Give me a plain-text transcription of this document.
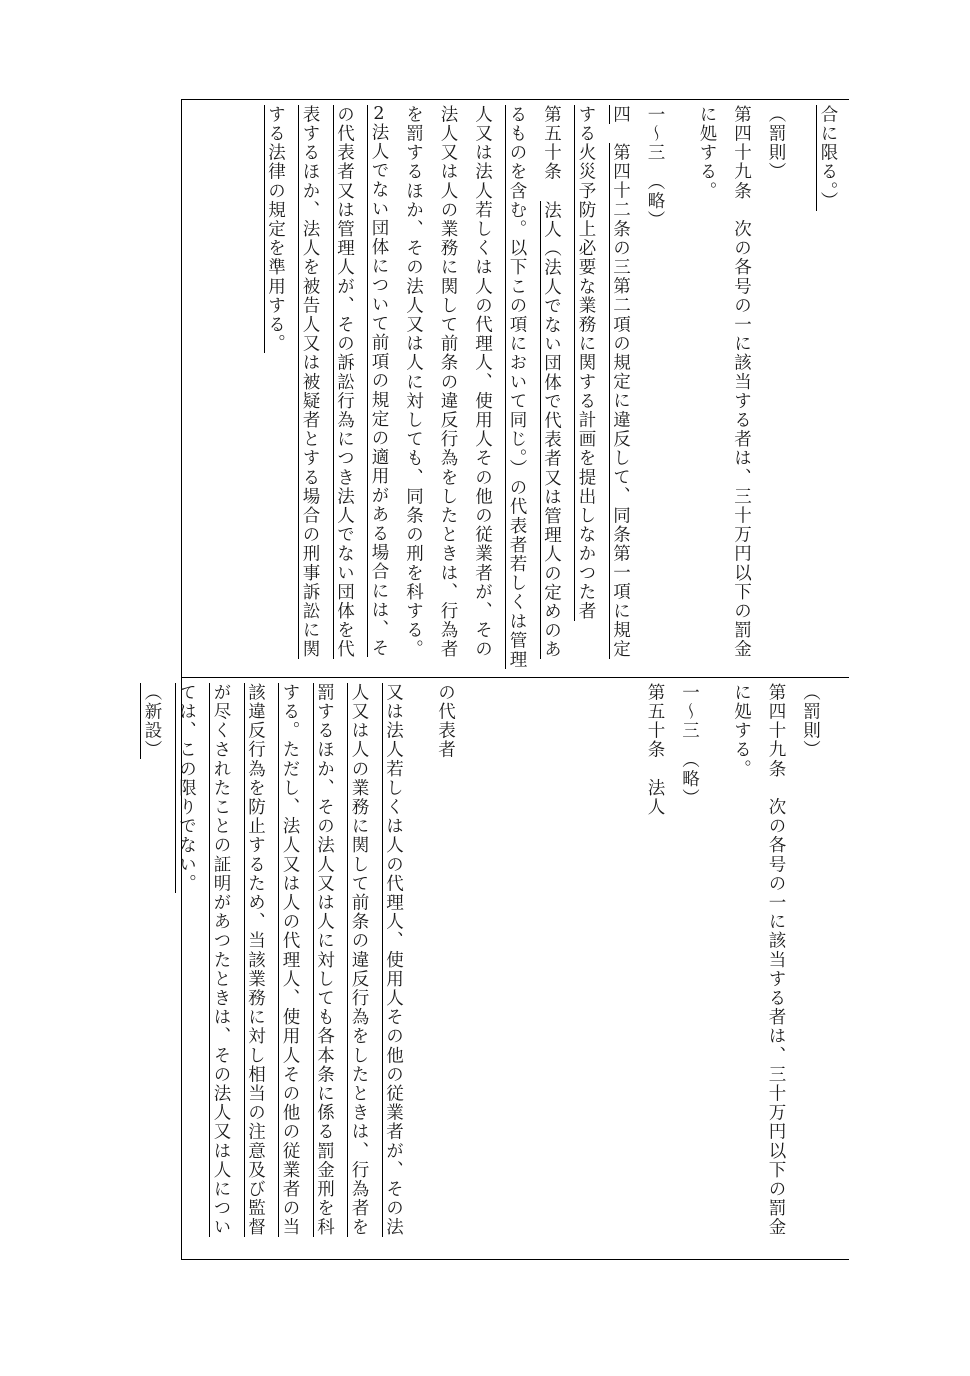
合に限る。）

（罰則）

第四十九条　次の各号の一に該当する者は、三十万円以下の罰金に処する。

一〜三　（略）

四　第四十二条の三第二項の規定に違反して、同条第一項に規定する火災予防上必要な業務に関する計画を提出しなかつた者

第五十条　法人（法人でない団体で代表者又は管理人の定めのあるものを含む。以下この項において同じ。）の代表者若しくは管理人又は法人若しくは人の代理人、使用人その他の従業者が、その法人又は人の業務に関して前条の違反行為をしたときは、行為者を罰するほか、その法人又は人に対しても、同条の刑を科する。

2法人でない団体について前項の規定の適用がある場合には、その代表者又は管理人が、その訴訟行為につき法人でない団体を代表するほか、法人を被告人又は被疑者とする場合の刑事訴訟に関する法律の規定を準用する。

（罰則）

第四十九条　次の各号の一に該当する者は、三十万円以下の罰金に処する。

一〜三　（略）

第五十条　法人

の代表者

又は法人若しくは人の代理人、使用人その他の従業者が、その法人又は人の業務に関して前条の違反行為をしたときは、行為者を罰するほか、その法人又は人に対しても各本条に係る罰金刑を科する。ただし、法人又は人の代理人、使用人その他の従業者の当該違反行為を防止するため、当該業務に対し相当の注意及び監督が尽くされたことの証明があつたときは、その法人又は人については、この限りでない。

（新設）
